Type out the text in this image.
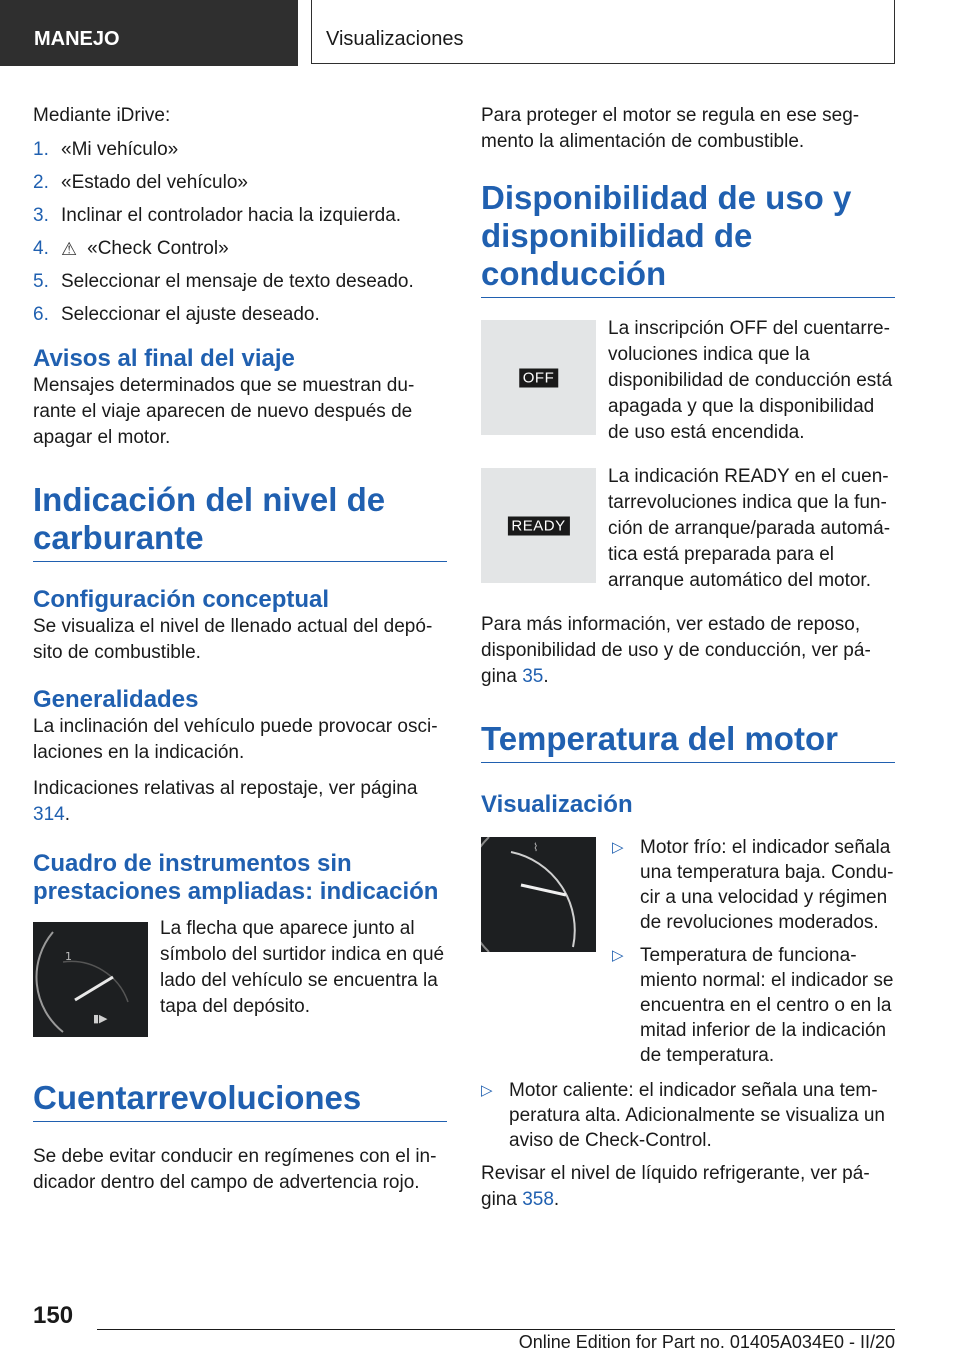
MANEJO	Visualizaciones

Mediante iDrive:

1. «Mi vehículo»
2. «Estado del vehículo»
3. Inclinar el controlador hacia la izquierda.
4. ⚠ «Check Control»
5. Seleccionar el mensaje de texto deseado.
6. Seleccionar el ajuste deseado.
Avisos al final del viaje

Mensajes determinados que se muestran durante el viaje aparecen de nuevo después de apagar el motor.

Indicación del nivel de carburante
Configuración conceptual

Se visualiza el nivel de llenado actual del depósito de combustible.

Generalidades

La inclinación del vehículo puede provocar oscilaciones en la indicación.

Indicaciones relativas al repostaje, ver página 314.

Cuadro de instrumentos sin prestaciones ampliadas: indicación
▮▶
1

La flecha que aparece junto al símbolo del surtidor indica en qué lado del vehículo se encuentra la tapa del depósito.

Cuentarrevoluciones

Se debe evitar conducir en regímenes con el indicador dentro del campo de advertencia rojo.

Para proteger el motor se regula en ese segmento la alimentación de combustible.

Disponibilidad de uso y disponibilidad de conducción
OFF

La inscripción OFF del cuentarrevoluciones indica que la disponibilidad de conducción está apagada y que la disponibilidad de uso está encendida.

READY

La indicación READY en el cuentarrevoluciones indica que la función de arranque/parada automática está preparada para el arranque automático del motor.

Para más información, ver estado de reposo, disponibilidad de uso y de conducción, ver página 35.

Temperatura del motor
Visualización
⌇	▷ Motor frío: el indicador señala una temperatura baja. Conducir a una velocidad y régimen de revoluciones moderados.
▷ Temperatura de funcionamiento normal: el indicador se encuentra en el centro o en la mitad inferior de la indicación de temperatura.
▷ Motor caliente: el indicador señala una temperatura alta. Adicionalmente se visualiza un aviso de Check-Control.

Revisar el nivel de líquido refrigerante, ver página 358.

150
Online Edition for Part no. 01405A034E0 - II/20
